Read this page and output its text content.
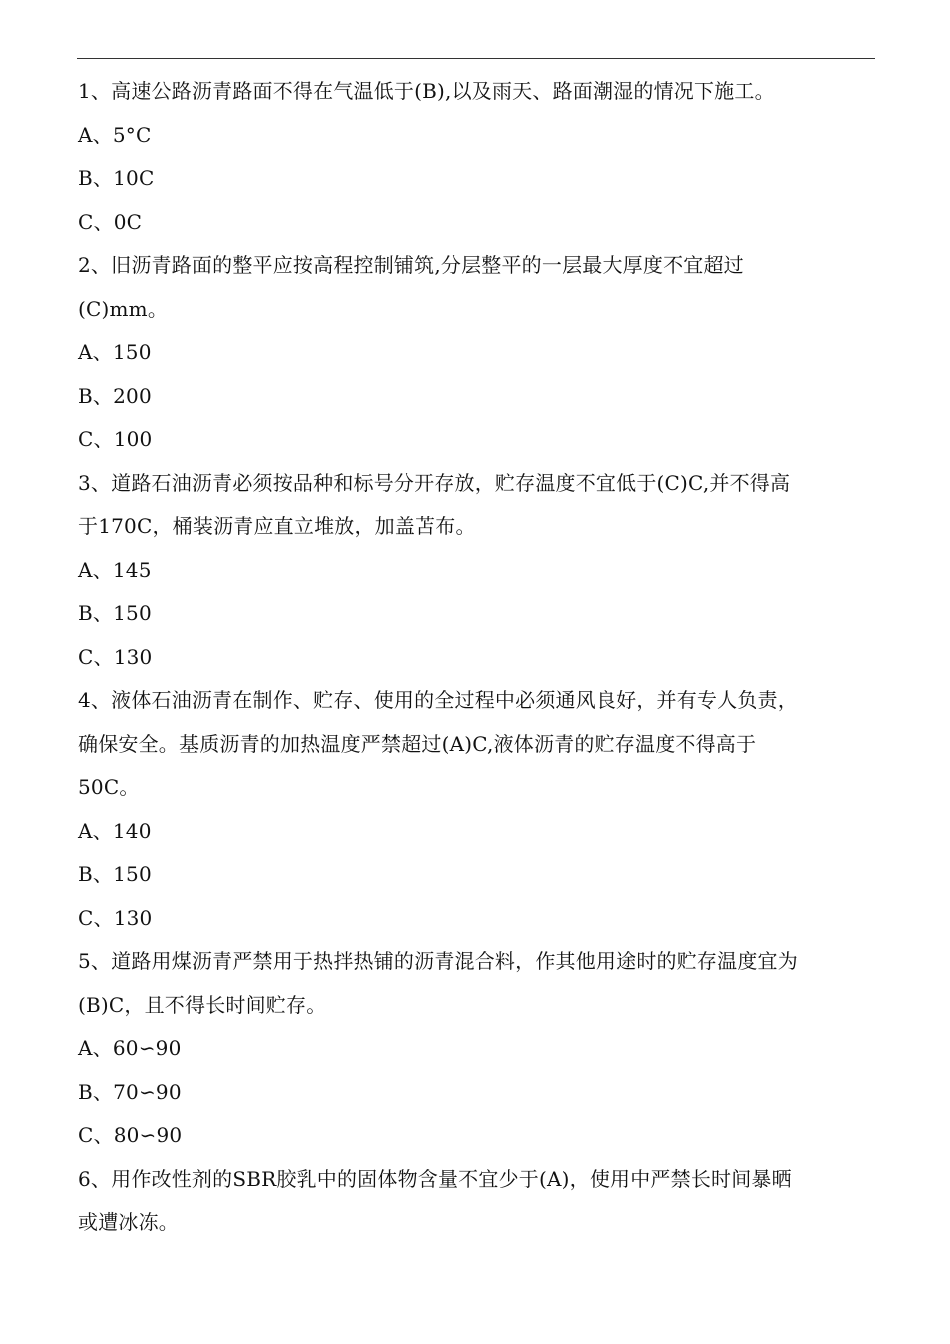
1、高速公路沥青路面不得在气温低于(B),以及雨天、路面潮湿的情况下施工。
A、5°C
B、10C
C、0C
2、旧沥青路面的整平应按高程控制铺筑,分层整平的一层最大厚度不宜超过
(C)mm。
A、150
B、200
C、100
3、道路石油沥青必须按品种和标号分开存放，贮存温度不宜低于(C)C,并不得高
于170C，桶装沥青应直立堆放，加盖苫布。
A、145
B、150
C、130
4、液体石油沥青在制作、贮存、使用的全过程中必须通风良好，并有专人负责，
确保安全。基质沥青的加热温度严禁超过(A)C,液体沥青的贮存温度不得高于
50C。
A、140
B、150
C、130
5、道路用煤沥青严禁用于热拌热铺的沥青混合料，作其他用途时的贮存温度宜为
(B)C，且不得长时间贮存。
A、60∽90
B、70∽90
C、80∽90
6、用作改性剂的SBR胶乳中的固体物含量不宜少于(A)，使用中严禁长时间暴晒
或遭冰冻。
